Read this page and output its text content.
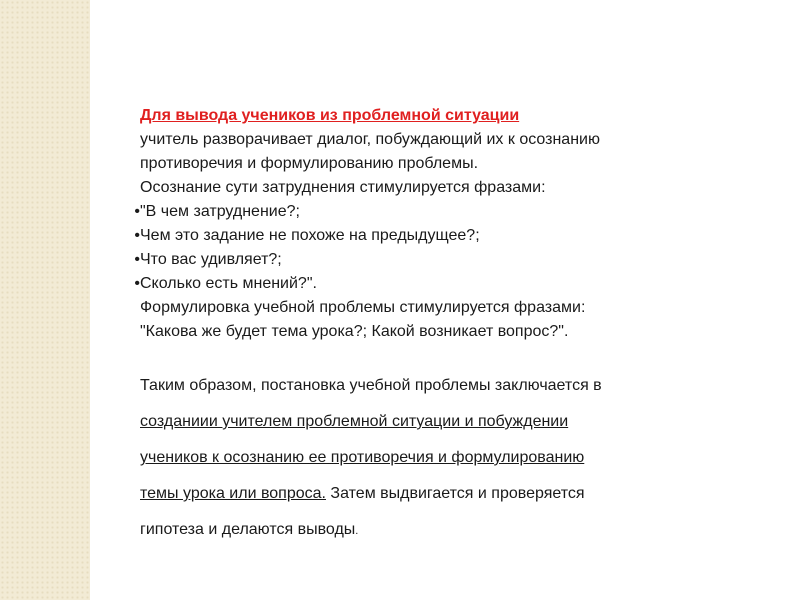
Для вывода учеников из проблемной ситуации
учитель разворачивает диалог, побуждающий их к осознанию
противоречия и формулированию проблемы.
Осознание сути затруднения стимулируется фразами:
•"В чем затруднение?;
•Чем это задание не похоже на предыдущее?;
•Что вас удивляет?;
•Сколько есть мнений?".
Формулировка учебной проблемы стимулируется фразами:
"Какова же будет тема урока?; Какой возникает вопрос?".
Таким образом, постановка учебной проблемы заключается в
созданиии учителем проблемной ситуации и побуждении
учеников к осознанию ее противоречия и формулированию
темы урока или вопроса. Затем выдвигается и проверяется
гипотеза и делаются выводы.
